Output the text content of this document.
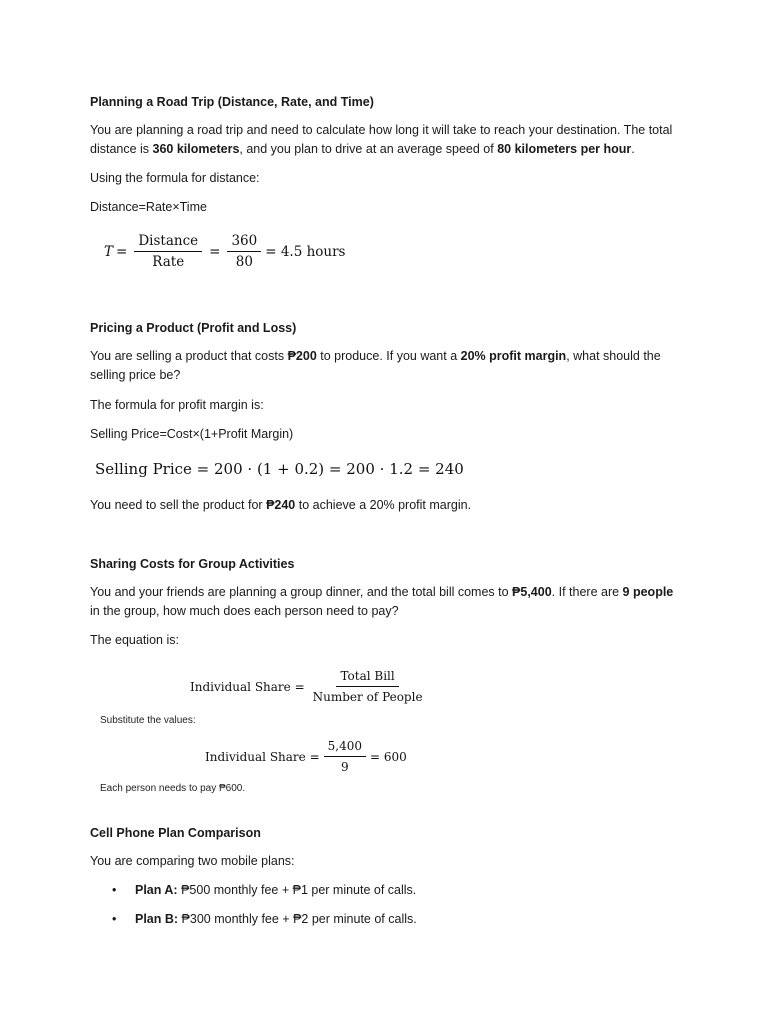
Planning a Road Trip (Distance, Rate, and Time)
You are planning a road trip and need to calculate how long it will take to reach your destination. The total distance is 360 kilometers, and you plan to drive at an average speed of 80 kilometers per hour.
Using the formula for distance:
Distance=Rate×Time
$T = \frac{\text{Distance}}{\text{Rate}} = \frac{360}{80} = 4.5$ hours
Pricing a Product (Profit and Loss)
You are selling a product that costs ₱200 to produce. If you want a 20% profit margin, what should the selling price be?
The formula for profit margin is:
Selling Price=Cost×(1+Profit Margin)
Selling Price = 200 · (1 + 0.2) = 200 · 1.2 = 240
You need to sell the product for ₱240 to achieve a 20% profit margin.
Sharing Costs for Group Activities
You and your friends are planning a group dinner, and the total bill comes to ₱5,400. If there are 9 people in the group, how much does each person need to pay?
The equation is:
Individual Share = $\frac{\text{Total Bill}}{\text{Number of People}}$
Substitute the values:
Individual Share = $\frac{5,400}{9} = 600$
Each person needs to pay ₱600.
Cell Phone Plan Comparison
You are comparing two mobile plans:
• Plan A: ₱500 monthly fee + ₱1 per minute of calls.
• Plan B: ₱300 monthly fee + ₱2 per minute of calls.
